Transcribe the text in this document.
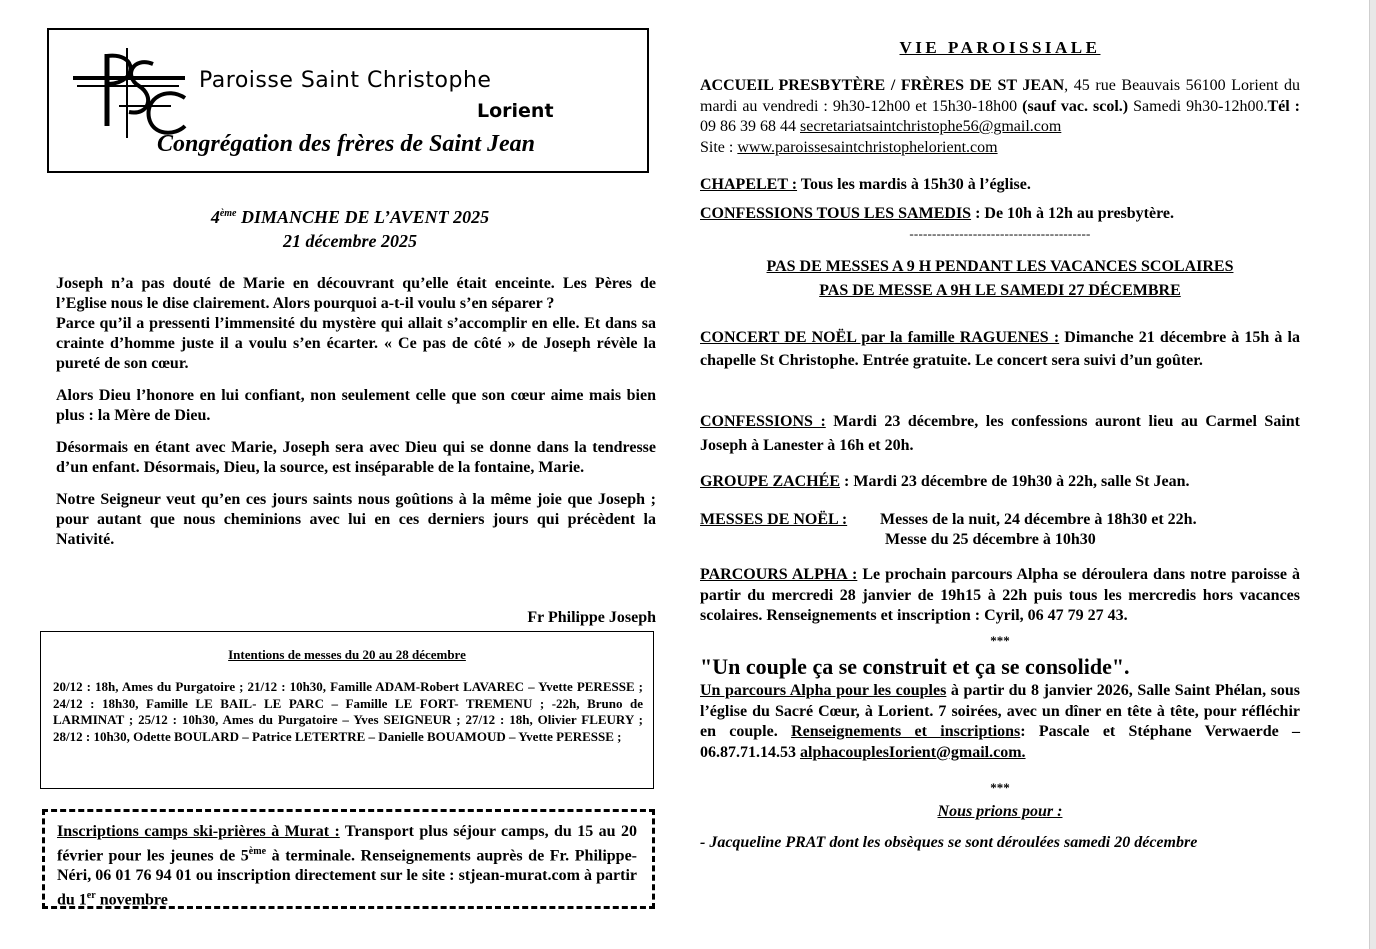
Paroisse Saint Christophe
Lorient
Congrégation des frères de Saint Jean
4ème DIMANCHE DE L’AVENT 2025
21 décembre 2025

Joseph n’a pas douté de Marie en découvrant qu’elle était enceinte. Les Pères de l’Eglise nous le dise clairement. Alors pourquoi a-t-il voulu s’en séparer ?
Parce qu’il a pressenti l’immensité du mystère qui allait s’accomplir en elle. Et dans sa crainte d’homme juste il a voulu s’en écarter. « Ce pas de côté » de Joseph révèle la pureté de son cœur.

Alors Dieu l’honore en lui confiant, non seulement celle que son cœur aime mais bien plus : la Mère de Dieu.

Désormais en étant avec Marie, Joseph sera avec Dieu qui se donne dans la tendresse d’un enfant. Désormais, Dieu, la source, est inséparable de la fontaine, Marie.

Notre Seigneur veut qu’en ces jours saints nous goûtions à la même joie que Joseph ; pour autant que nous cheminions avec lui en ces derniers jours qui précèdent la Nativité.

Fr Philippe Joseph
Intentions de messes du 20 au 28 décembre
20/12 : 18h, Ames du Purgatoire ; 21/12 : 10h30, Famille ADAM-Robert LAVAREC – Yvette PERESSE ; 24/12 : 18h30, Famille LE BAIL- LE PARC – Famille LE FORT- TREMENU ; -22h, Bruno de LARMINAT ; 25/12 : 10h30, Ames du Purgatoire – Yves SEIGNEUR ; 27/12 : 18h, Olivier FLEURY ; 28/12 : 10h30, Odette BOULARD – Patrice LETERTRE – Danielle BOUAMOUD – Yvette PERESSE ;
Inscriptions camps ski-prières à Murat : Transport plus séjour camps, du 15 au 20 février pour les jeunes de 5ème à terminale. Renseignements auprès de Fr. Philippe-Néri, 06 01 76 94 01 ou inscription directement sur le site : stjean-murat.com à partir du 1er novembre
VIE PAROISSIALE
ACCUEIL PRESBYTÈRE / FRÈRES DE ST JEAN, 45 rue Beauvais 56100 Lorient du mardi au vendredi : 9h30-12h00 et 15h30-18h00 (sauf vac. scol.) Samedi 9h30-12h00.Tél : 09 86 39 68 44 secretariatsaintchristophe56@gmail.com
Site : www.paroissesaintchristophelorient.com
CHAPELET : Tous les mardis à 15h30 à l’église.
CONFESSIONS TOUS LES SAMEDIS : De 10h à 12h au presbytère.
----------------------------------------
PAS DE MESSES A 9 H PENDANT LES VACANCES SCOLAIRES
PAS DE MESSE A 9H LE SAMEDI 27 DÉCEMBRE
CONCERT DE NOËL par la famille RAGUENES : Dimanche 21 décembre à 15h à la chapelle St Christophe. Entrée gratuite. Le concert sera suivi d’un goûter.
CONFESSIONS : Mardi 23 décembre, les confessions auront lieu au Carmel Saint Joseph à Lanester à 16h et 20h.
GROUPE ZACHÉE : Mardi 23 décembre de 19h30 à 22h, salle St Jean.
MESSES DE NOËL : Messes de la nuit, 24 décembre à 18h30 et 22h.
Messe du 25 décembre à 10h30
PARCOURS ALPHA : Le prochain parcours Alpha se déroulera dans notre paroisse à partir du mercredi 28 janvier de 19h15 à 22h puis tous les mercredis hors vacances scolaires. Renseignements et inscription : Cyril, 06 47 79 27 43.
***
"Un couple ça se construit et ça se consolide".
Un parcours Alpha pour les couples à partir du 8 janvier 2026, Salle Saint Phélan, sous l’église du Sacré Cœur, à Lorient. 7 soirées, avec un dîner en tête à tête, pour réfléchir en couple. Renseignements et inscriptions: Pascale et Stéphane Verwaerde – 06.87.71.14.53 alphacouplesIorient@gmail.com.
***
Nous prions pour :
- Jacqueline PRAT dont les obsèques se sont déroulées samedi 20 décembre
